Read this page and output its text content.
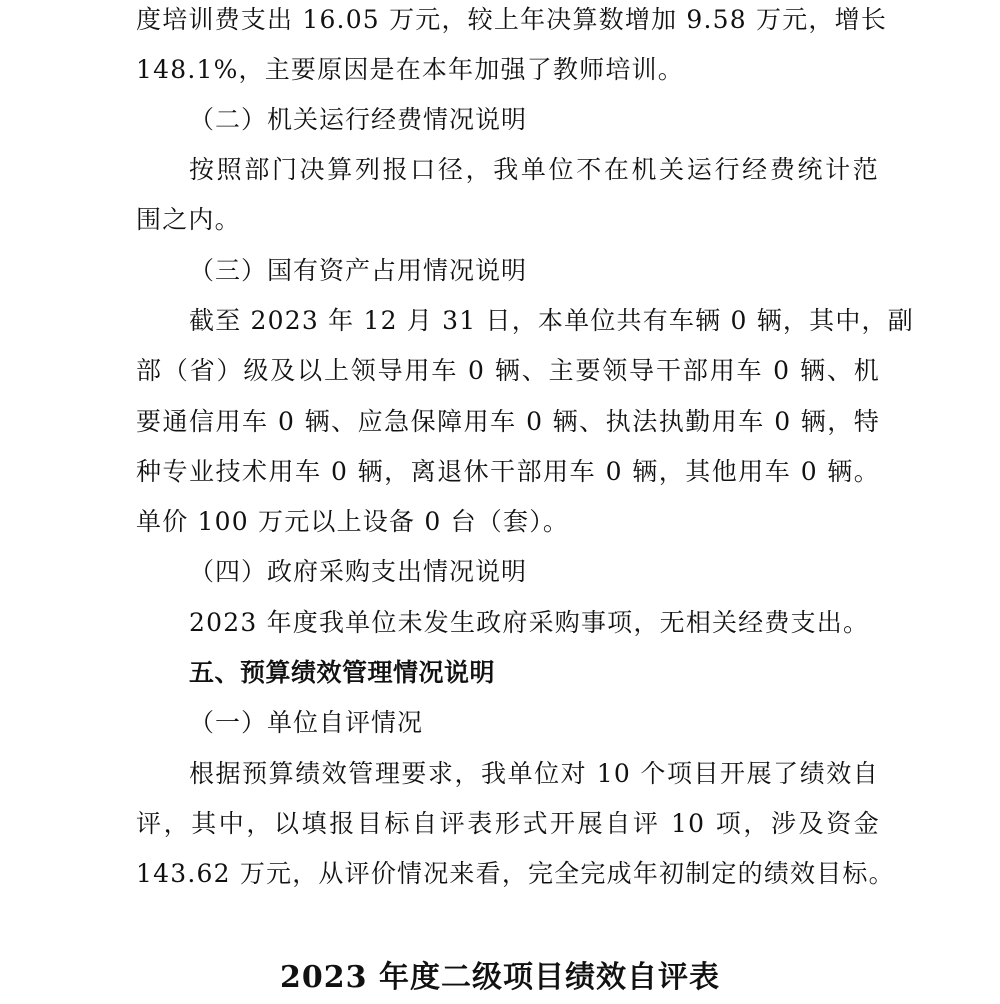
度培训费支出 16.05 万元，较上年决算数增加 9.58 万元，增长
148.1%，主要原因是在本年加强了教师培训。
（二）机关运行经费情况说明
按照部门决算列报口径，我单位不在机关运行经费统计范
围之内。
（三）国有资产占用情况说明
截至 2023 年 12 月 31 日，本单位共有车辆 0 辆，其中，副
部（省）级及以上领导用车 0 辆、主要领导干部用车 0 辆、机
要通信用车 0 辆、应急保障用车 0 辆、执法执勤用车 0 辆，特
种专业技术用车 0 辆，离退休干部用车 0 辆，其他用车 0 辆。
单价 100 万元以上设备 0 台（套）。
（四）政府采购支出情况说明
2023 年度我单位未发生政府采购事项，无相关经费支出。
五、预算绩效管理情况说明
（一）单位自评情况
根据预算绩效管理要求，我单位对 10 个项目开展了绩效自
评，其中，以填报目标自评表形式开展自评 10 项，涉及资金
143.62 万元，从评价情况来看，完全完成年初制定的绩效目标。
2023 年度二级项目绩效自评表
